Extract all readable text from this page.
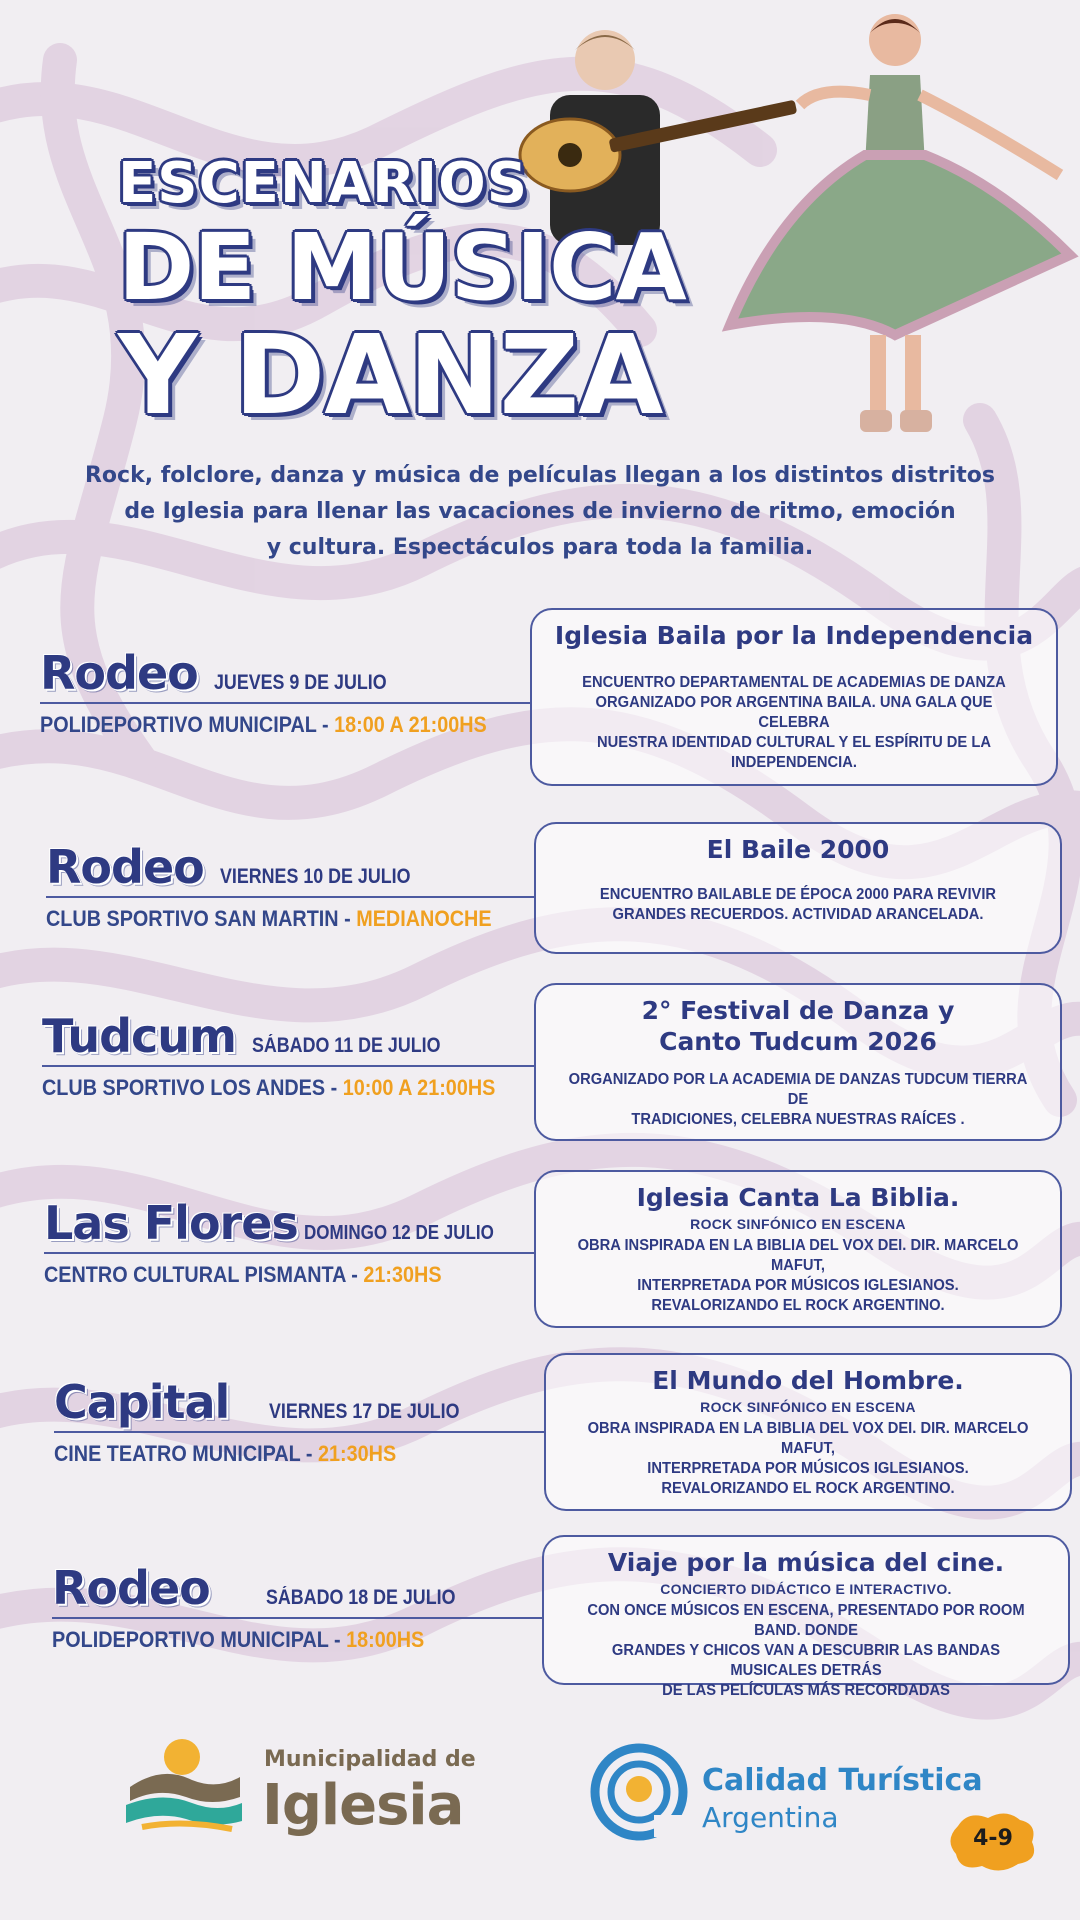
ESCENARIOS
DE MÚSICA
Y DANZA
Rock, folclore, danza y música de películas llegan a los distintos distritos
de Iglesia para llenar las vacaciones de invierno de ritmo, emoción
y cultura. Espectáculos para toda la familia.
Rodeo JUEVES 9 DE JULIO
POLIDEPORTIVO MUNICIPAL - 18:00 A 21:00HS
Iglesia Baila por la Independencia
ENCUENTRO DEPARTAMENTAL DE ACADEMIAS DE DANZA
ORGANIZADO POR ARGENTINA BAILA. UNA GALA QUE CELEBRA
NUESTRA IDENTIDAD CULTURAL Y EL ESPÍRITU DE LA INDEPENDENCIA.
Rodeo VIERNES 10 DE JULIO
CLUB SPORTIVO SAN MARTIN - MEDIANOCHE
El Baile 2000
ENCUENTRO BAILABLE DE ÉPOCA 2000 PARA REVIVIR
GRANDES RECUERDOS. ACTIVIDAD ARANCELADA.
Tudcum SÁBADO 11 DE JULIO
CLUB SPORTIVO LOS ANDES - 10:00 A 21:00HS
2° Festival de Danza y
Canto Tudcum 2026
ORGANIZADO POR LA ACADEMIA DE DANZAS TUDCUM TIERRA DE
TRADICIONES, CELEBRA NUESTRAS RAÍCES .
Las Flores DOMINGO 12 DE JULIO
CENTRO CULTURAL PISMANTA - 21:30HS
Iglesia Canta La Biblia.
ROCK SINFÓNICO EN ESCENA
OBRA INSPIRADA EN LA BIBLIA DEL VOX DEI. DIR. MARCELO MAFUT,
INTERPRETADA POR MÚSICOS IGLESIANOS.
REVALORIZANDO EL ROCK ARGENTINO.
Capital VIERNES 17 DE JULIO
CINE TEATRO MUNICIPAL - 21:30HS
El Mundo del Hombre.
ROCK SINFÓNICO EN ESCENA
OBRA INSPIRADA EN LA BIBLIA DEL VOX DEI. DIR. MARCELO MAFUT,
INTERPRETADA POR MÚSICOS IGLESIANOS.
REVALORIZANDO EL ROCK ARGENTINO.
Rodeo	SÁBADO 18 DE JULIO
POLIDEPORTIVO MUNICIPAL - 18:00HS
Viaje por la música del cine.
CONCIERTO DIDÁCTICO E INTERACTIVO.
CON ONCE MÚSICOS EN ESCENA, PRESENTADO POR ROOM BAND. DONDE
GRANDES Y CHICOS VAN A DESCUBRIR LAS BANDAS MUSICALES DETRÁS
DE LAS PELÍCULAS MÁS RECORDADAS
Municipalidad de
Iglesia	Calidad Turística
Argentina
4-9
